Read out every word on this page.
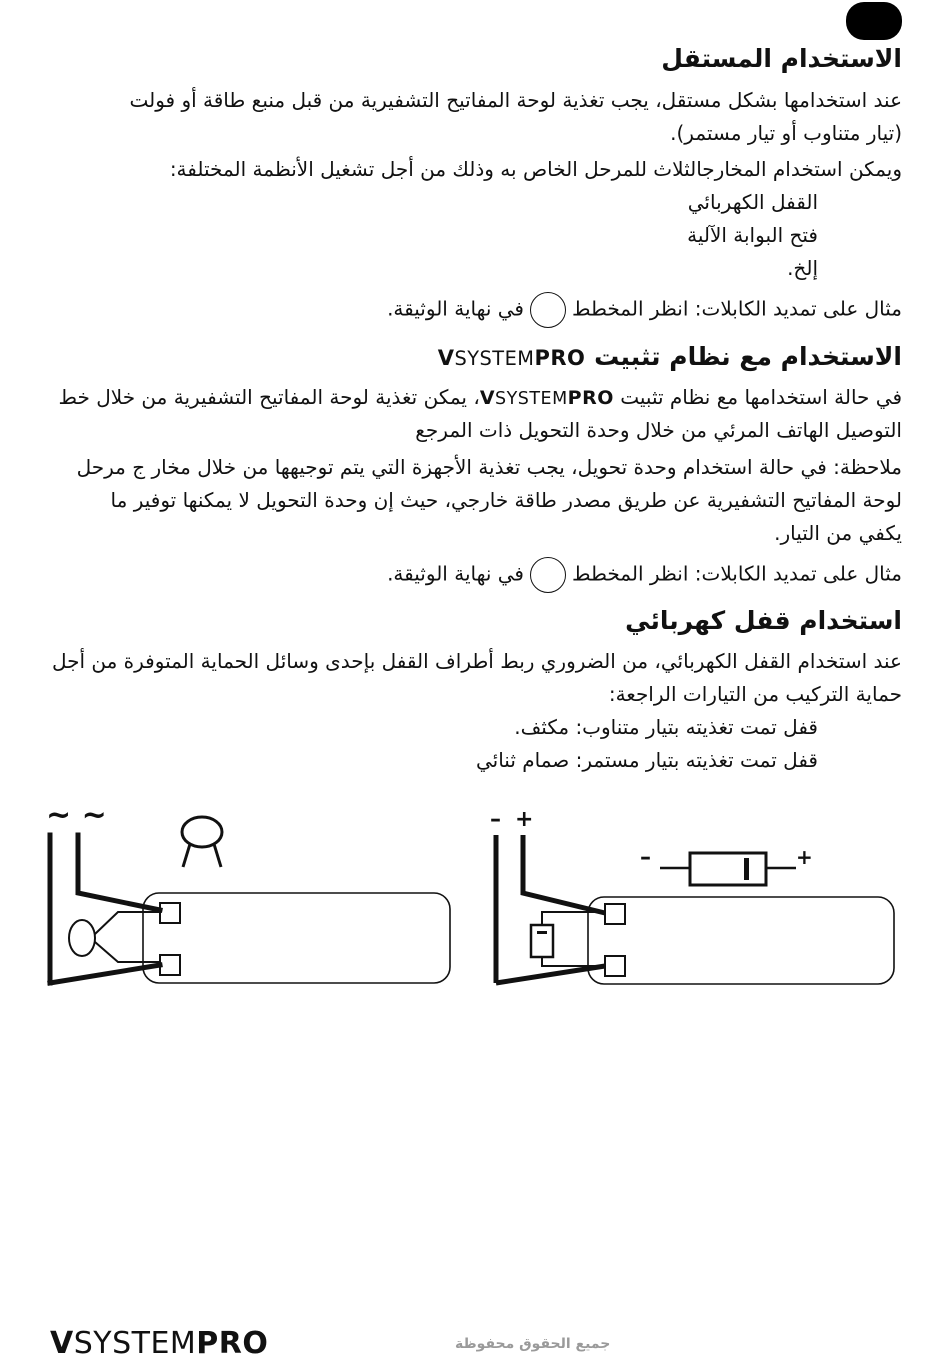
الاستخدام المستقل
عند استخدامها بشكل مستقل، يجب تغذية لوحة المفاتيح التشفيرية من قبل منبع طاقة أو فولت
(تيار متناوب أو تيار مستمر).
ويمكن استخدام المخارجالثلاث للمرحل الخاص به وذلك من أجل تشغيل الأنظمة المختلفة:
القفل الكهربائي
فتح البوابة الآلية
إلخ.
مثال على تمديد الكابلات: انظر المخططفي نهاية الوثيقة.
الاستخدام مع نظام تثبيت VSYSTEMPRO
في حالة استخدامها مع نظام تثبيت VSYSTEMPRO، يمكن تغذية لوحة المفاتيح التشفيرية من خلال خط
التوصيل الهاتف المرئي من خلال وحدة التحويل ذات المرجع
ملاحظة: في حالة استخدام وحدة تحويل، يجب تغذية الأجهزة التي يتم توجيهها من خلال مخار ج مرحل
لوحة المفاتيح التشفيرية عن طريق مصدر طاقة خارجي، حيث إن وحدة التحويل لا يمكنها توفير ما
يكفي من التيار.
مثال على تمديد الكابلات: انظر المخططفي نهاية الوثيقة.
استخدام قفل كهربائي
عند استخدام القفل الكهربائي، من الضروري ربط أطراف القفل بإحدى وسائل الحماية المتوفرة من أجل
حماية التركيب من التيارات الراجعة:
قفل تمت تغذيته بتيار متناوب: مكثف.
قفل تمت تغذيته بتيار مستمر: صمام ثنائي
~ ~	– +
–	+
VSYSTEMPRO	جميع الحقوق محفوظة
